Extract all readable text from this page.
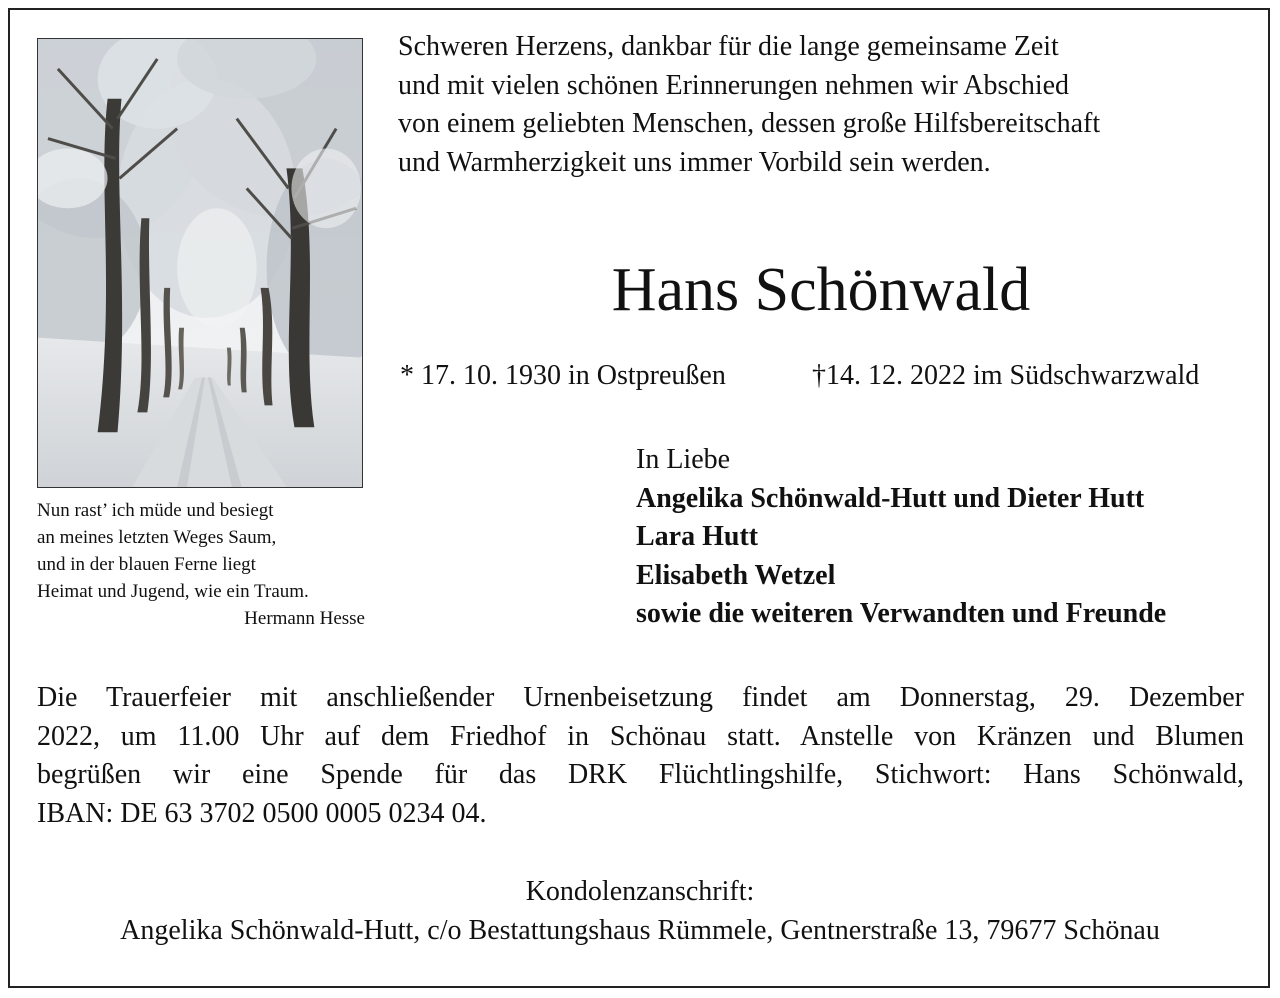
Nun rast’ ich müde und besiegt
an meines letzten Weges Saum,
und in der blauen Ferne liegt
Heimat und Jugend, wie ein Traum.
Hermann Hesse
Schweren Herzens, dankbar für die lange gemeinsame Zeit
und mit vielen schönen Erinnerungen nehmen wir Abschied
von einem geliebten Menschen, dessen große Hilfsbereitschaft
und Warmherzigkeit uns immer Vorbild sein werden.
Hans Schönwald
* 17. 10. 1930 in Ostpreußen	†14. 12. 2022 im Südschwarzwald
In Liebe
Angelika Schönwald-Hutt und Dieter Hutt
Lara Hutt
Elisabeth Wetzel
sowie die weiteren Verwandten und Freunde
Die Trauerfeier mit anschließender Urnenbeisetzung findet am Donnerstag, 29. Dezember
2022, um 11.00 Uhr auf dem Friedhof in Schönau statt. Anstelle von Kränzen und Blumen
begrüßen wir eine Spende für das DRK Flüchtlingshilfe, Stichwort: Hans Schönwald,
IBAN: DE 63 3702 0500 0005 0234 04.
Kondolenzanschrift:
Angelika Schönwald-Hutt, c/o Bestattungshaus Rümmele, Gentnerstraße 13, 79677 Schönau
